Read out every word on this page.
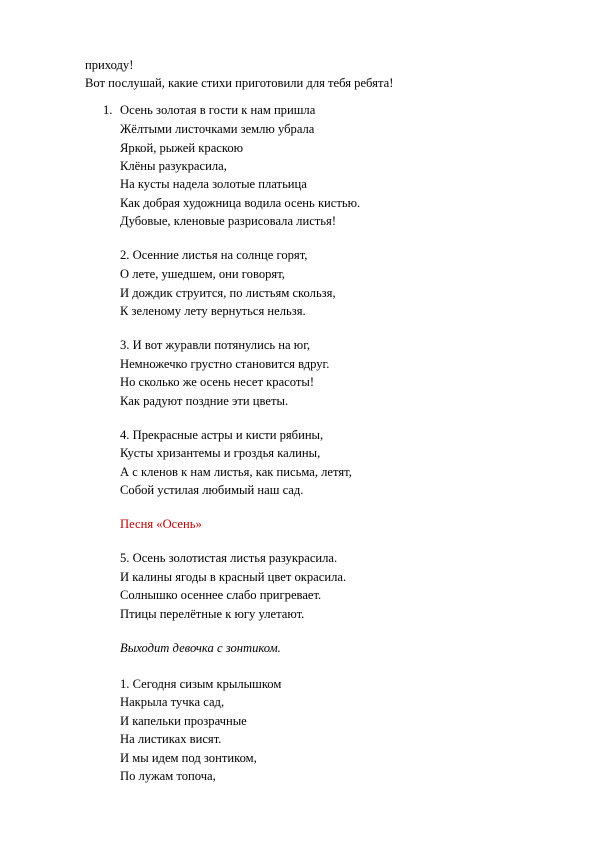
приходу!
Вот послушай, какие стихи приготовили для тебя ребята!
1. Осень золотая в гости к нам пришла
Жёлтыми листочками землю убрала
Яркой, рыжей краскою
Клёны разукрасила,
На кусты надела золотые платьица
Как добрая художница водила осень кистью.
Дубовые, кленовые разрисовала листья!
2. Осенние листья на солнце горят,
О лете, ушедшем, они говорят,
И дождик струится, по листьям скользя,
К зеленому лету вернуться нельзя.
3. И вот журавли потянулись на юг,
Немножечко грустно становится вдруг.
Но сколько же осень несет красоты!
Как радуют поздние эти цветы.
4. Прекрасные астры и кисти рябины,
Кусты хризантемы и гроздья калины,
А с кленов к нам листья, как письма, летят,
Собой устилая любимый наш сад.
Песня «Осень»
5. Осень золотистая листья разукрасила.
И калины ягоды в красный цвет окрасила.
Солнышко осеннее слабо пригревает.
Птицы перелётные к югу улетают.
Выходит девочка с зонтиком.
1. Сегодня сизым крылышком
Накрыла тучка сад,
И капельки прозрачные
На листиках висят.
И мы идем под зонтиком,
По лужам топоча,
